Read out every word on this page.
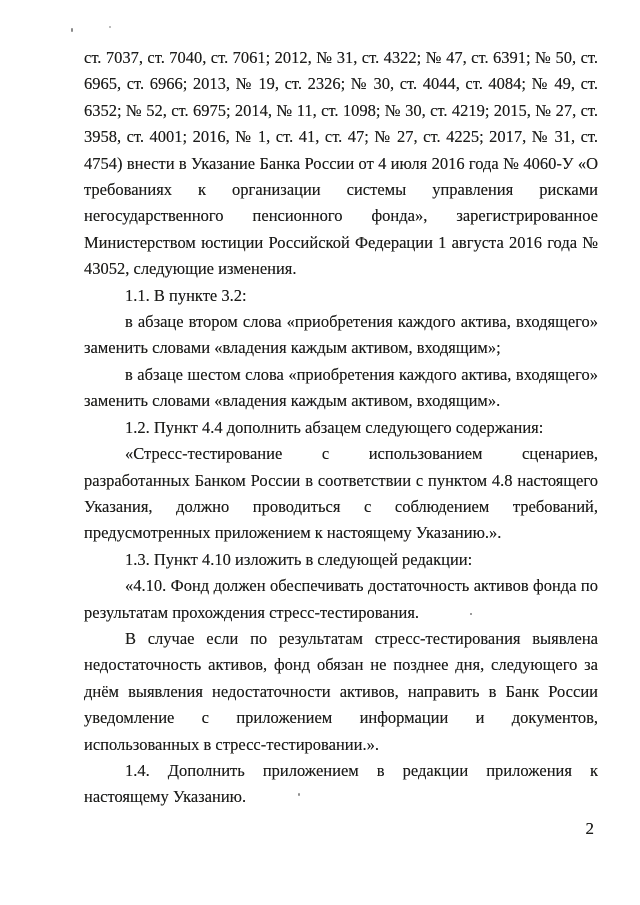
ст. 7037, ст. 7040, ст. 7061; 2012, № 31, ст. 4322; № 47, ст. 6391; № 50, ст. 6965, ст. 6966; 2013, № 19, ст. 2326; № 30, ст. 4044, ст. 4084; № 49, ст. 6352; № 52, ст. 6975; 2014, № 11, ст. 1098; № 30, ст. 4219; 2015, № 27, ст. 3958, ст. 4001; 2016, № 1, ст. 41, ст. 47; № 27, ст. 4225; 2017, № 31, ст. 4754) внести в Указание Банка России от 4 июля 2016 года № 4060-У «О требованиях к организации системы управления рисками негосударственного пенсионного фонда», зарегистрированное Министерством юстиции Российской Федерации 1 августа 2016 года № 43052, следующие изменения.

1.1. В пункте 3.2:

в абзаце втором слова «приобретения каждого актива, входящего» заменить словами «владения каждым активом, входящим»;

в абзаце шестом слова «приобретения каждого актива, входящего» заменить словами «владения каждым активом, входящим».

1.2. Пункт 4.4 дополнить абзацем следующего содержания:

«Стресс-тестирование с использованием сценариев, разработанных Банком России в соответствии с пунктом 4.8 настоящего Указания, должно проводиться с соблюдением требований, предусмотренных приложением к настоящему Указанию.».

1.3. Пункт 4.10 изложить в следующей редакции:

«4.10. Фонд должен обеспечивать достаточность активов фонда по результатам прохождения стресс-тестирования.

В случае если по результатам стресс-тестирования выявлена недостаточность активов, фонд обязан не позднее дня, следующего за днём выявления недостаточности активов, направить в Банк России уведомление с приложением информации и документов, использованных в стресс-тестировании.».

1.4. Дополнить приложением в редакции приложения к настоящему Указанию.

2
